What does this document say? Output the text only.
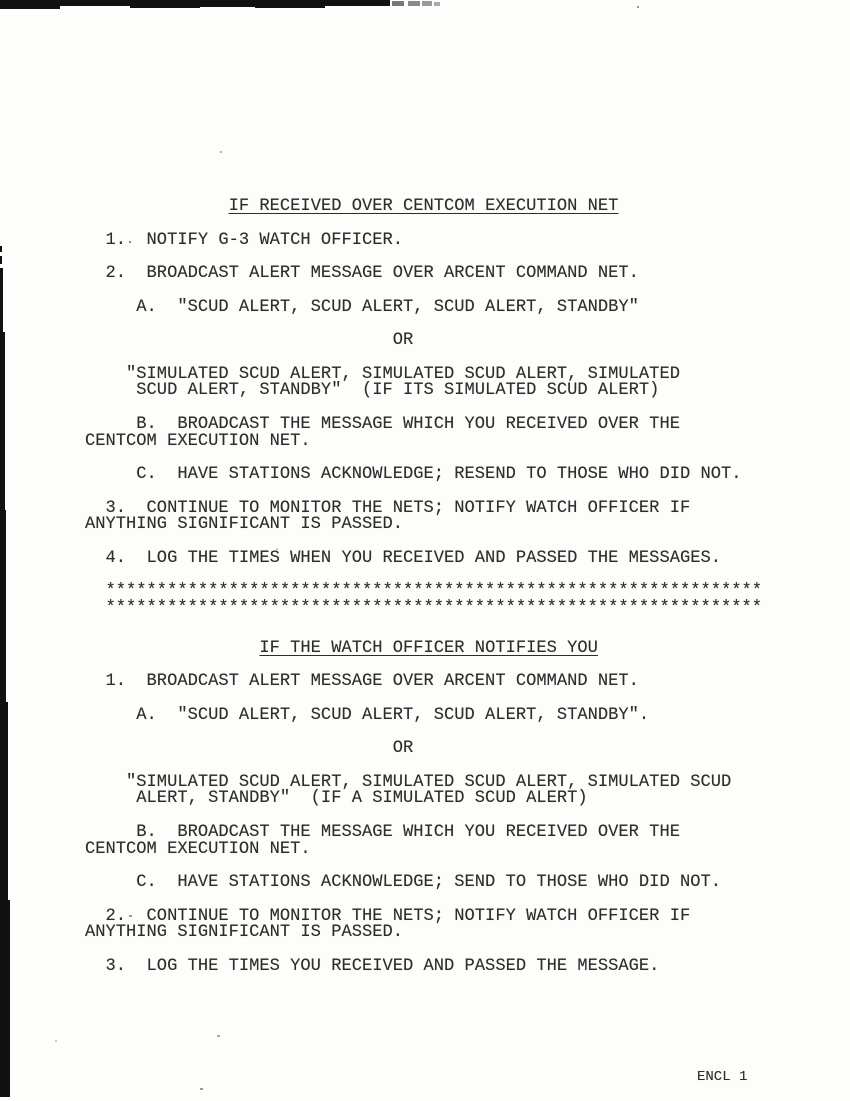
IF RECEIVED OVER CENTCOM EXECUTION NET
1.  NOTIFY G-3 WATCH OFFICER.
2.  BROADCAST ALERT MESSAGE OVER ARCENT COMMAND NET.
A.  "SCUD ALERT, SCUD ALERT, SCUD ALERT, STANDBY"
OR
"SIMULATED SCUD ALERT, SIMULATED SCUD ALERT, SIMULATED
SCUD ALERT, STANDBY"  (IF ITS SIMULATED SCUD ALERT)
B.  BROADCAST THE MESSAGE WHICH YOU RECEIVED OVER THE
CENTCOM EXECUTION NET.
C.  HAVE STATIONS ACKNOWLEDGE; RESEND TO THOSE WHO DID NOT.
3.  CONTINUE TO MONITOR THE NETS; NOTIFY WATCH OFFICER IF
ANYTHING SIGNIFICANT IS PASSED.
4.  LOG THE TIMES WHEN YOU RECEIVED AND PASSED THE MESSAGES.
****************************************************************
****************************************************************
IF THE WATCH OFFICER NOTIFIES YOU
1.  BROADCAST ALERT MESSAGE OVER ARCENT COMMAND NET.
A.  "SCUD ALERT, SCUD ALERT, SCUD ALERT, STANDBY".
OR
"SIMULATED SCUD ALERT, SIMULATED SCUD ALERT, SIMULATED SCUD
ALERT, STANDBY"  (IF A SIMULATED SCUD ALERT)
B.  BROADCAST THE MESSAGE WHICH YOU RECEIVED OVER THE
CENTCOM EXECUTION NET.
C.  HAVE STATIONS ACKNOWLEDGE; SEND TO THOSE WHO DID NOT.
2.  CONTINUE TO MONITOR THE NETS; NOTIFY WATCH OFFICER IF
ANYTHING SIGNIFICANT IS PASSED.
3.  LOG THE TIMES YOU RECEIVED AND PASSED THE MESSAGE.
ENCL 1
